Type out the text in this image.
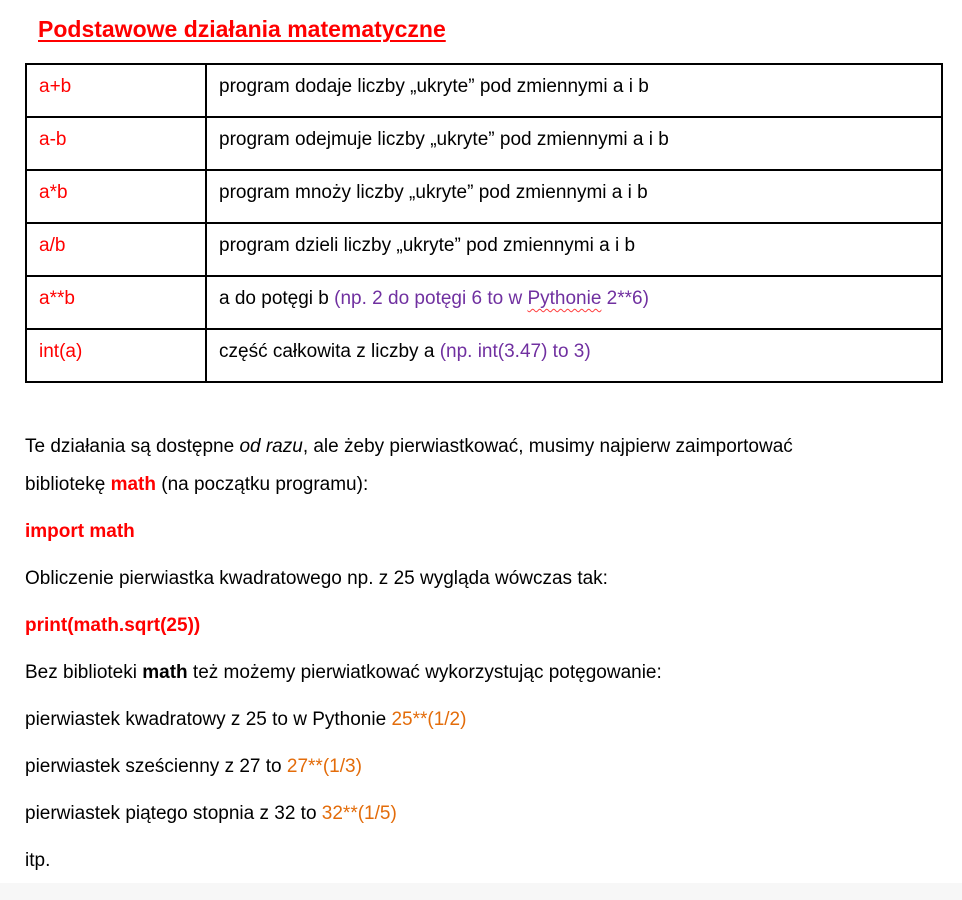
Podstawowe działania matematyczne
a+b	program dodaje liczby „ukryte” pod zmiennymi a i b
a-b	program odejmuje liczby „ukryte” pod zmiennymi a i b
a*b	program mnoży liczby „ukryte” pod zmiennymi a i b
a/b	program dzieli liczby „ukryte” pod zmiennymi a i b
a**b	a do potęgi b (np. 2 do potęgi 6 to w Pythonie 2**6)
int(a)	część całkowita z liczby a (np. int(3.47) to 3)

Te działania są dostępne od razu, ale żeby pierwiastkować, musimy najpierw zaimportować
bibliotekę math (na początku programu):

import math

Obliczenie pierwiastka kwadratowego np. z 25 wygląda wówczas tak:

print(math.sqrt(25))

Bez biblioteki math też możemy pierwiatkować wykorzystując potęgowanie:

pierwiastek kwadratowy z 25 to w Pythonie 25**(1/2)

pierwiastek sześcienny z 27 to 27**(1/3)

pierwiastek piątego stopnia z 32 to 32**(1/5)

itp.
